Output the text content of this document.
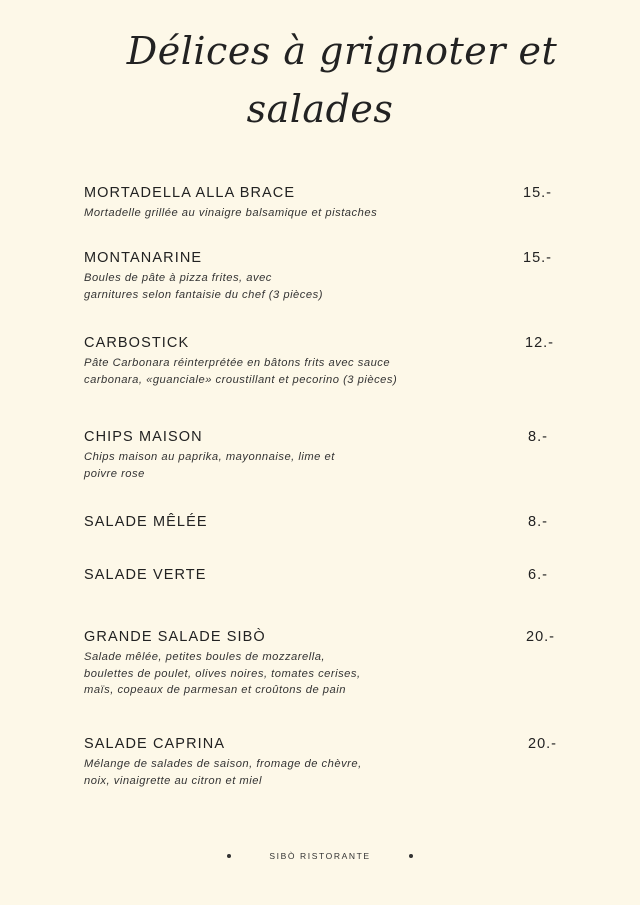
Délices à grignoter et
salades
MORTADELLA ALLA BRACE	15.-
Mortadelle grillée au vinaigre balsamique et pistaches
MONTANARINE	15.-
Boules de pâte à pizza frites, avec
garnitures selon fantaisie du chef (3 pièces)
CARBOSTICK	12.-
Pâte Carbonara réinterprétée en bâtons frits avec sauce
carbonara, «guanciale» croustillant et pecorino (3 pièces)
CHIPS MAISON	8.-
Chips maison au paprika, mayonnaise, lime et
poivre rose
SALADE MÊLÉE	8.-
SALADE VERTE	6.-
GRANDE SALADE SIBÒ	20.-
Salade mêlée, petites boules de mozzarella,
boulettes de poulet, olives noires, tomates cerises,
maïs, copeaux de parmesan et croûtons de pain
SALADE CAPRINA	20.-
Mélange de salades de saison, fromage de chèvre,
noix, vinaigrette au citron et miel
SIBÒ RISTORANTE
